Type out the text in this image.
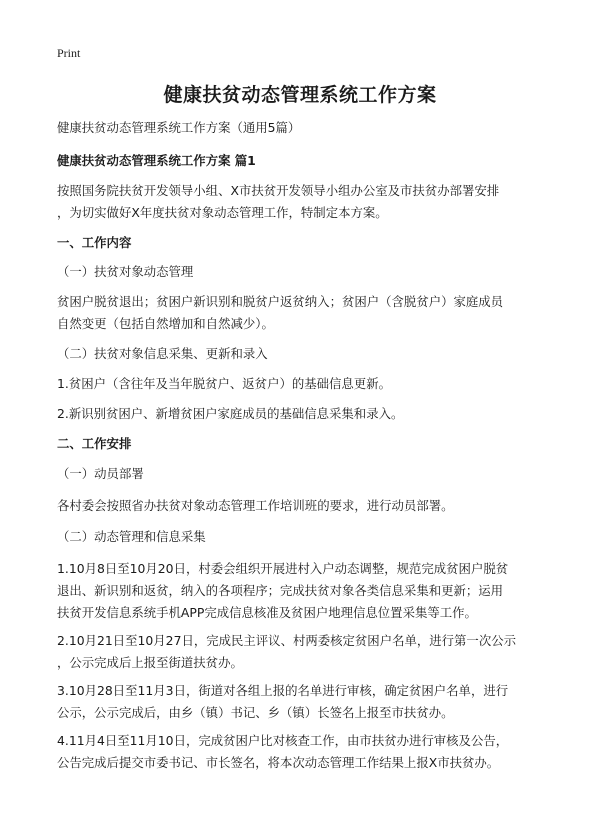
Print
健康扶贫动态管理系统工作方案
健康扶贫动态管理系统工作方案（通用5篇）
健康扶贫动态管理系统工作方案 篇1
按照国务院扶贫开发领导小组、X市扶贫开发领导小组办公室及市扶贫办部署安排
，为切实做好X年度扶贫对象动态管理工作，特制定本方案。
一、工作内容
（一）扶贫对象动态管理
贫困户脱贫退出；贫困户新识别和脱贫户返贫纳入；贫困户（含脱贫户）家庭成员
自然变更（包括自然增加和自然减少）。
（二）扶贫对象信息采集、更新和录入
1.贫困户（含往年及当年脱贫户、返贫户）的基础信息更新。
2.新识别贫困户、新增贫困户家庭成员的基础信息采集和录入。
二、工作安排
（一）动员部署
各村委会按照省办扶贫对象动态管理工作培训班的要求，进行动员部署。
（二）动态管理和信息采集
1.10月8日至10月20日，村委会组织开展进村入户动态调整，规范完成贫困户脱贫
退出、新识别和返贫，纳入的各项程序；完成扶贫对象各类信息采集和更新；运用
扶贫开发信息系统手机APP完成信息核准及贫困户地理信息位置采集等工作。
2.10月21日至10月27日，完成民主评议、村两委核定贫困户名单，进行第一次公示
，公示完成后上报至街道扶贫办。
3.10月28日至11月3日，街道对各组上报的名单进行审核，确定贫困户名单，进行
公示，公示完成后，由乡（镇）书记、乡（镇）长签名上报至市扶贫办。
4.11月4日至11月10日，完成贫困户比对核查工作，由市扶贫办进行审核及公告，
公告完成后提交市委书记、市长签名，将本次动态管理工作结果上报X市扶贫办。
